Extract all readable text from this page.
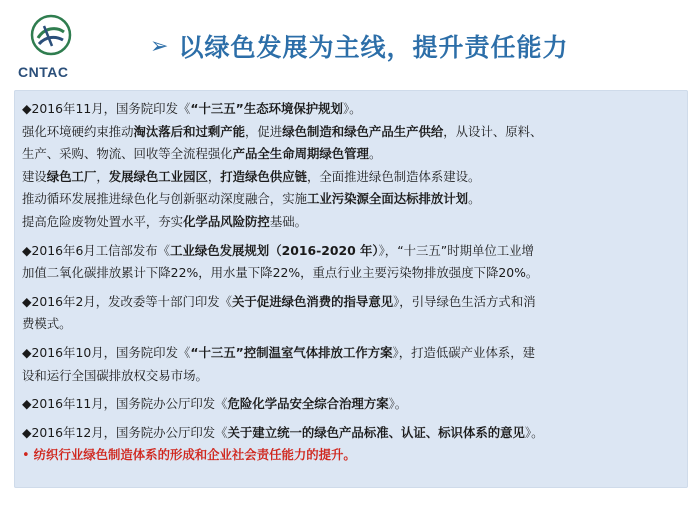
CNTAC
➢ 以绿色发展为主线，提升责任能力

◆2016年11月，国务院印发《“十三五”生态环境保护规划》。

强化环境硬约束推动淘汰落后和过剩产能，促进绿色制造和绿色产品生产供给，从设计、原料、

生产、采购、物流、回收等全流程强化产品全生命周期绿色管理。

建设绿色工厂，发展绿色工业园区，打造绿色供应链，全面推进绿色制造体系建设。

推动循环发展推进绿色化与创新驱动深度融合，实施工业污染源全面达标排放计划。

提高危险废物处置水平，夯实化学品风险防控基础。

◆2016年6月工信部发布《工业绿色发展规划（2016-2020 年）》，“十三五”时期单位工业增

加值二氧化碳排放累计下降22%，用水量下降22%，重点行业主要污染物排放强度下降20%。

◆2016年2月，发改委等十部门印发《关于促进绿色消费的指导意见》，引导绿色生活方式和消

费模式。

◆2016年10月，国务院印发《“十三五”控制温室气体排放工作方案》，打造低碳产业体系，建

设和运行全国碳排放权交易市场。

◆2016年11月，国务院办公厅印发《危险化学品安全综合治理方案》。

◆2016年12月，国务院办公厅印发《关于建立统一的绿色产品标准、认证、标识体系的意见》。

• 纺织行业绿色制造体系的形成和企业社会责任能力的提升。
